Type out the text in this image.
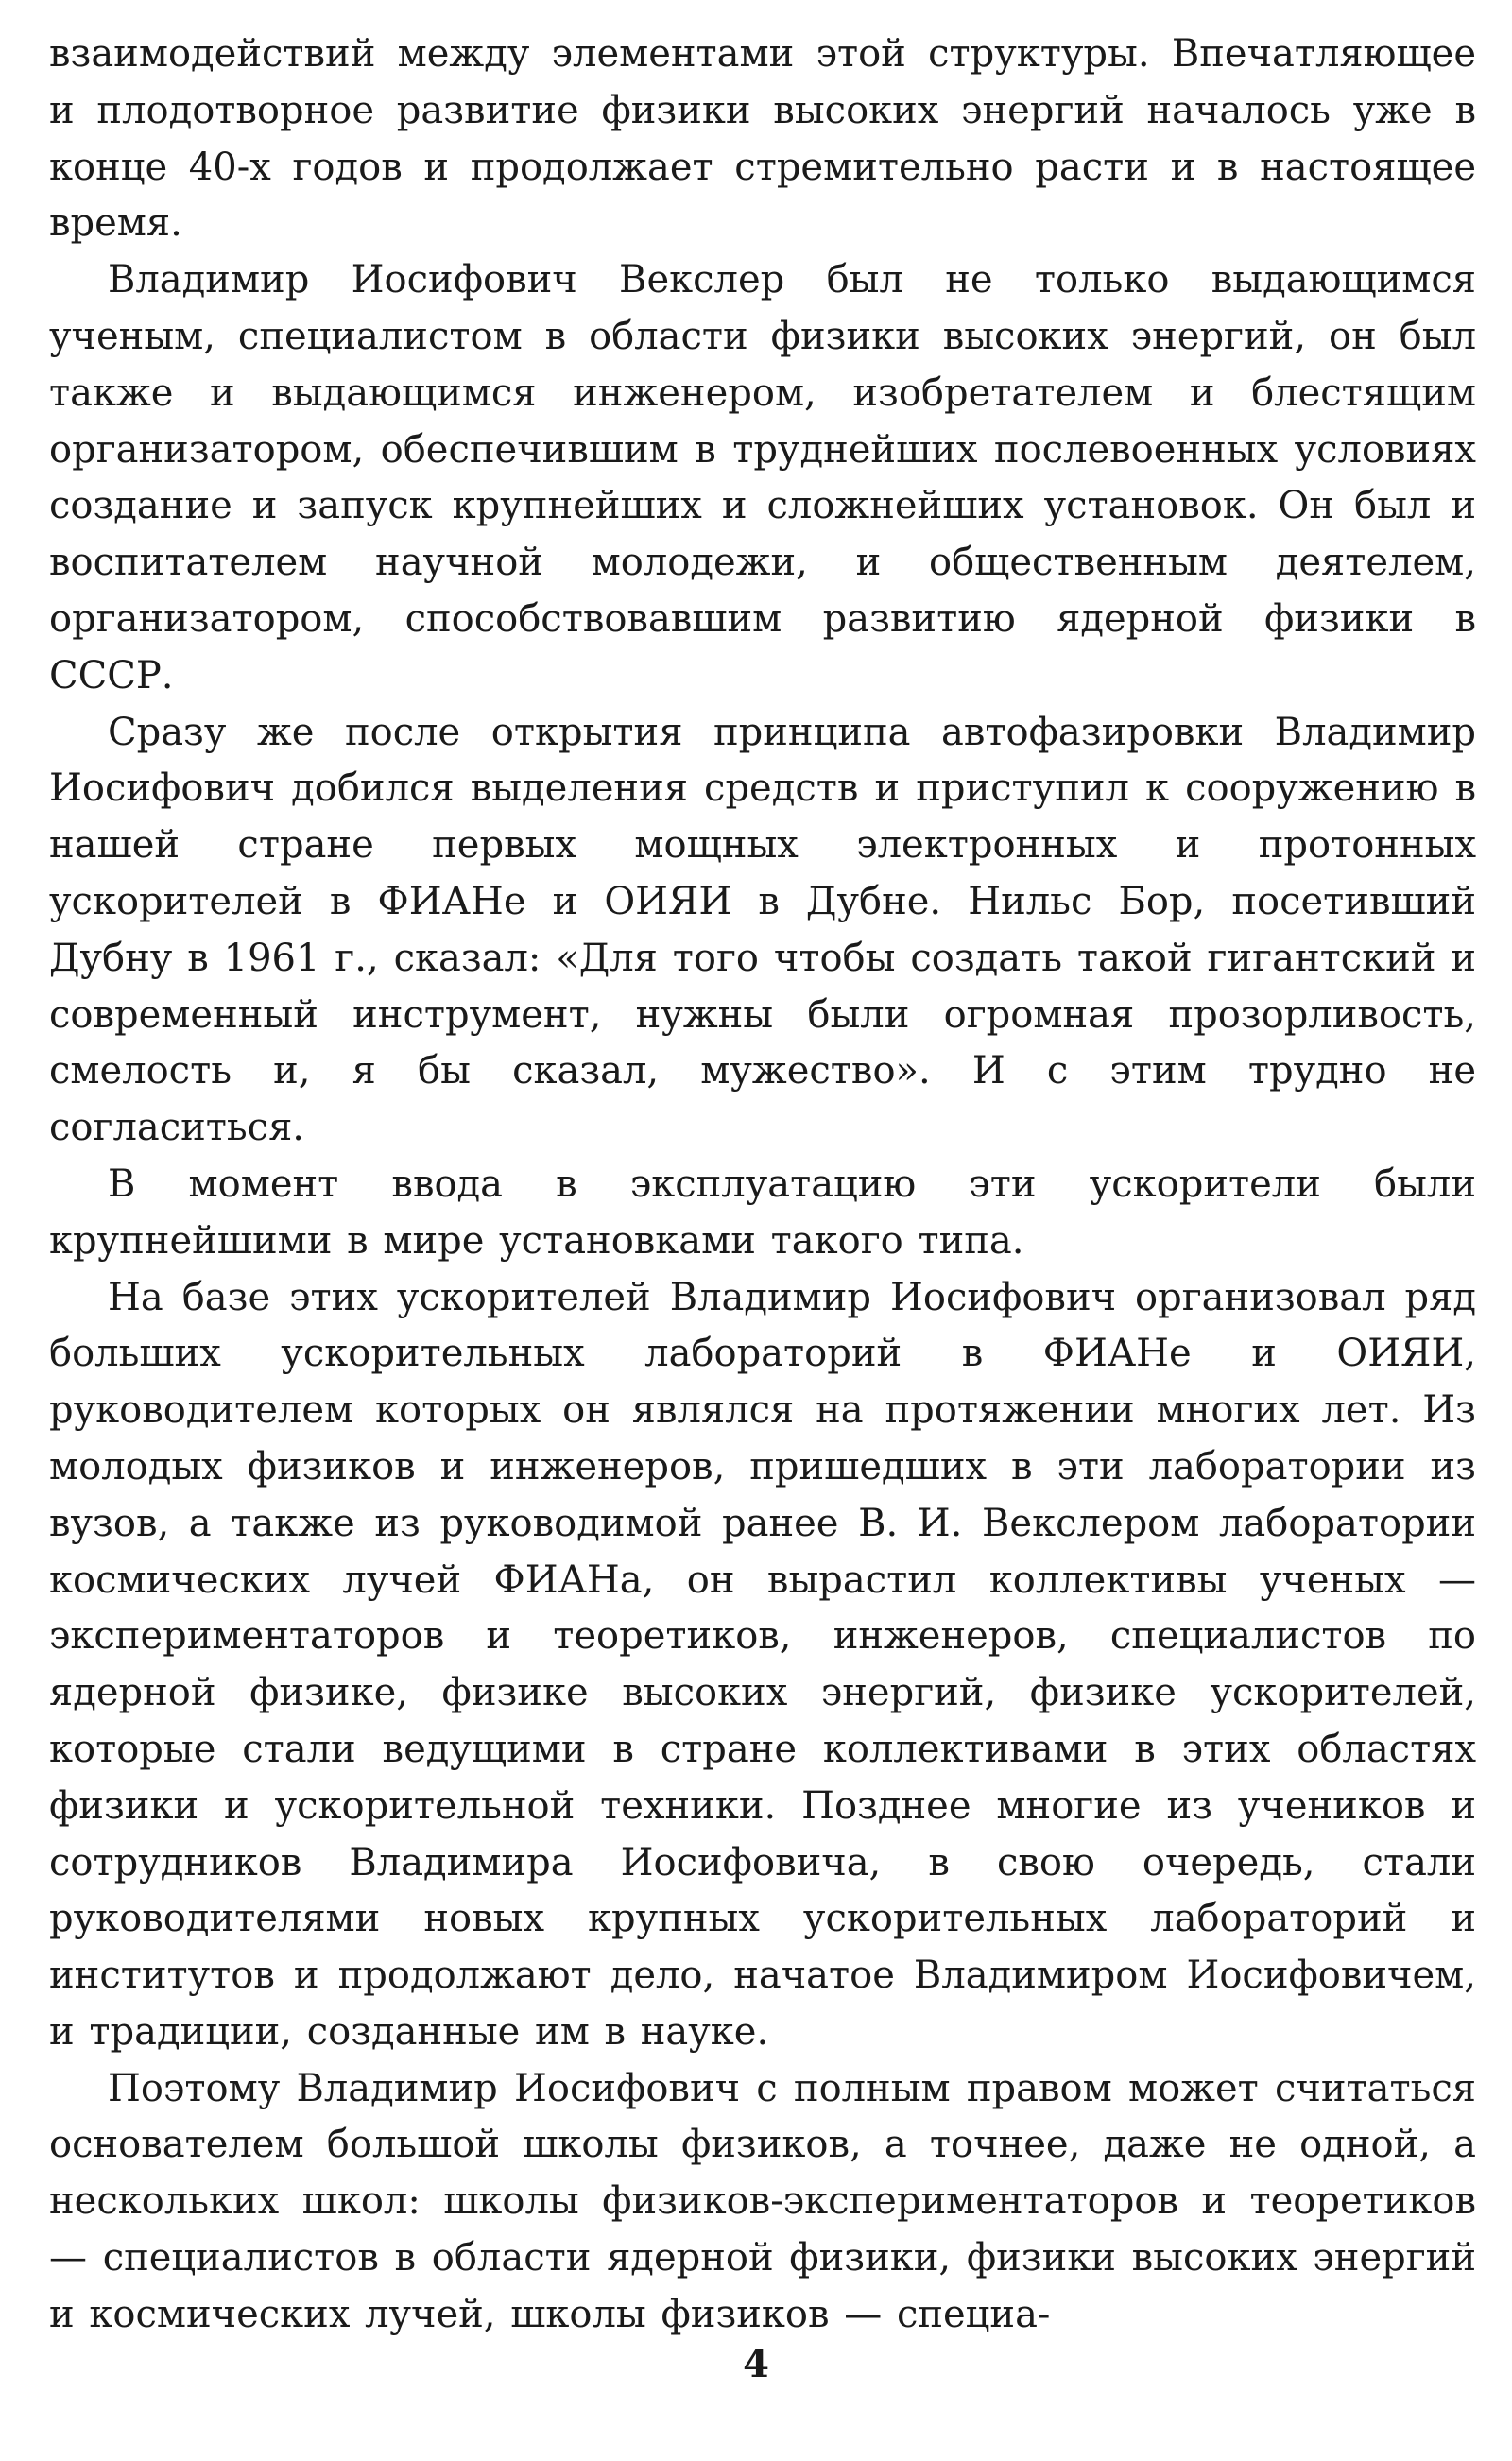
взаимодействий между элементами этой структуры. Впечатляющее и плодотворное развитие физики высоких энергий началось уже в конце 40-х годов и продолжает стремительно расти и в настоящее время.

Владимир Иосифович Векслер был не только выдающимся ученым, специалистом в области физики высоких энергий, он был также и выдающимся инженером, изобретателем и блестящим организатором, обеспечившим в труднейших послевоенных условиях создание и запуск крупнейших и сложнейших установок. Он был и воспитателем научной молодежи, и общественным деятелем, организатором, способствовавшим развитию ядерной физики в СССР.

Сразу же после открытия принципа автофазировки Владимир Иосифович добился выделения средств и приступил к сооружению в нашей стране первых мощных электронных и протонных ускорителей в ФИАНе и ОИЯИ в Дубне. Нильс Бор, посетивший Дубну в 1961 г., сказал: «Для того чтобы создать такой гигантский и современный инструмент, нужны были огромная прозорливость, смелость и, я бы сказал, мужество». И с этим трудно не согласиться.

В момент ввода в эксплуатацию эти ускорители были крупнейшими в мире установками такого типа.

На базе этих ускорителей Владимир Иосифович организовал ряд больших ускорительных лабораторий в ФИАНе и ОИЯИ, руководителем которых он являлся на протяжении многих лет. Из молодых физиков и инженеров, пришедших в эти лаборатории из вузов, а также из руководимой ранее В. И. Векслером лаборатории космических лучей ФИАНа, он вырастил коллективы ученых — экспериментаторов и теоретиков, инженеров, специалистов по ядерной физике, физике высоких энергий, физике ускорителей, которые стали ведущими в стране коллективами в этих областях физики и ускорительной техники. Позднее многие из учеников и сотрудников Владимира Иосифовича, в свою очередь, стали руководителями новых крупных ускорительных лабораторий и институтов и продолжают дело, начатое Владимиром Иосифовичем, и традиции, созданные им в науке.

Поэтому Владимир Иосифович с полным правом может считаться основателем большой школы физиков, а точнее, даже не одной, а нескольких школ: школы физиков-экспериментаторов и теоретиков — специалистов в области ядерной физики, физики высоких энергий и космических лучей, школы физиков — специа-

4
